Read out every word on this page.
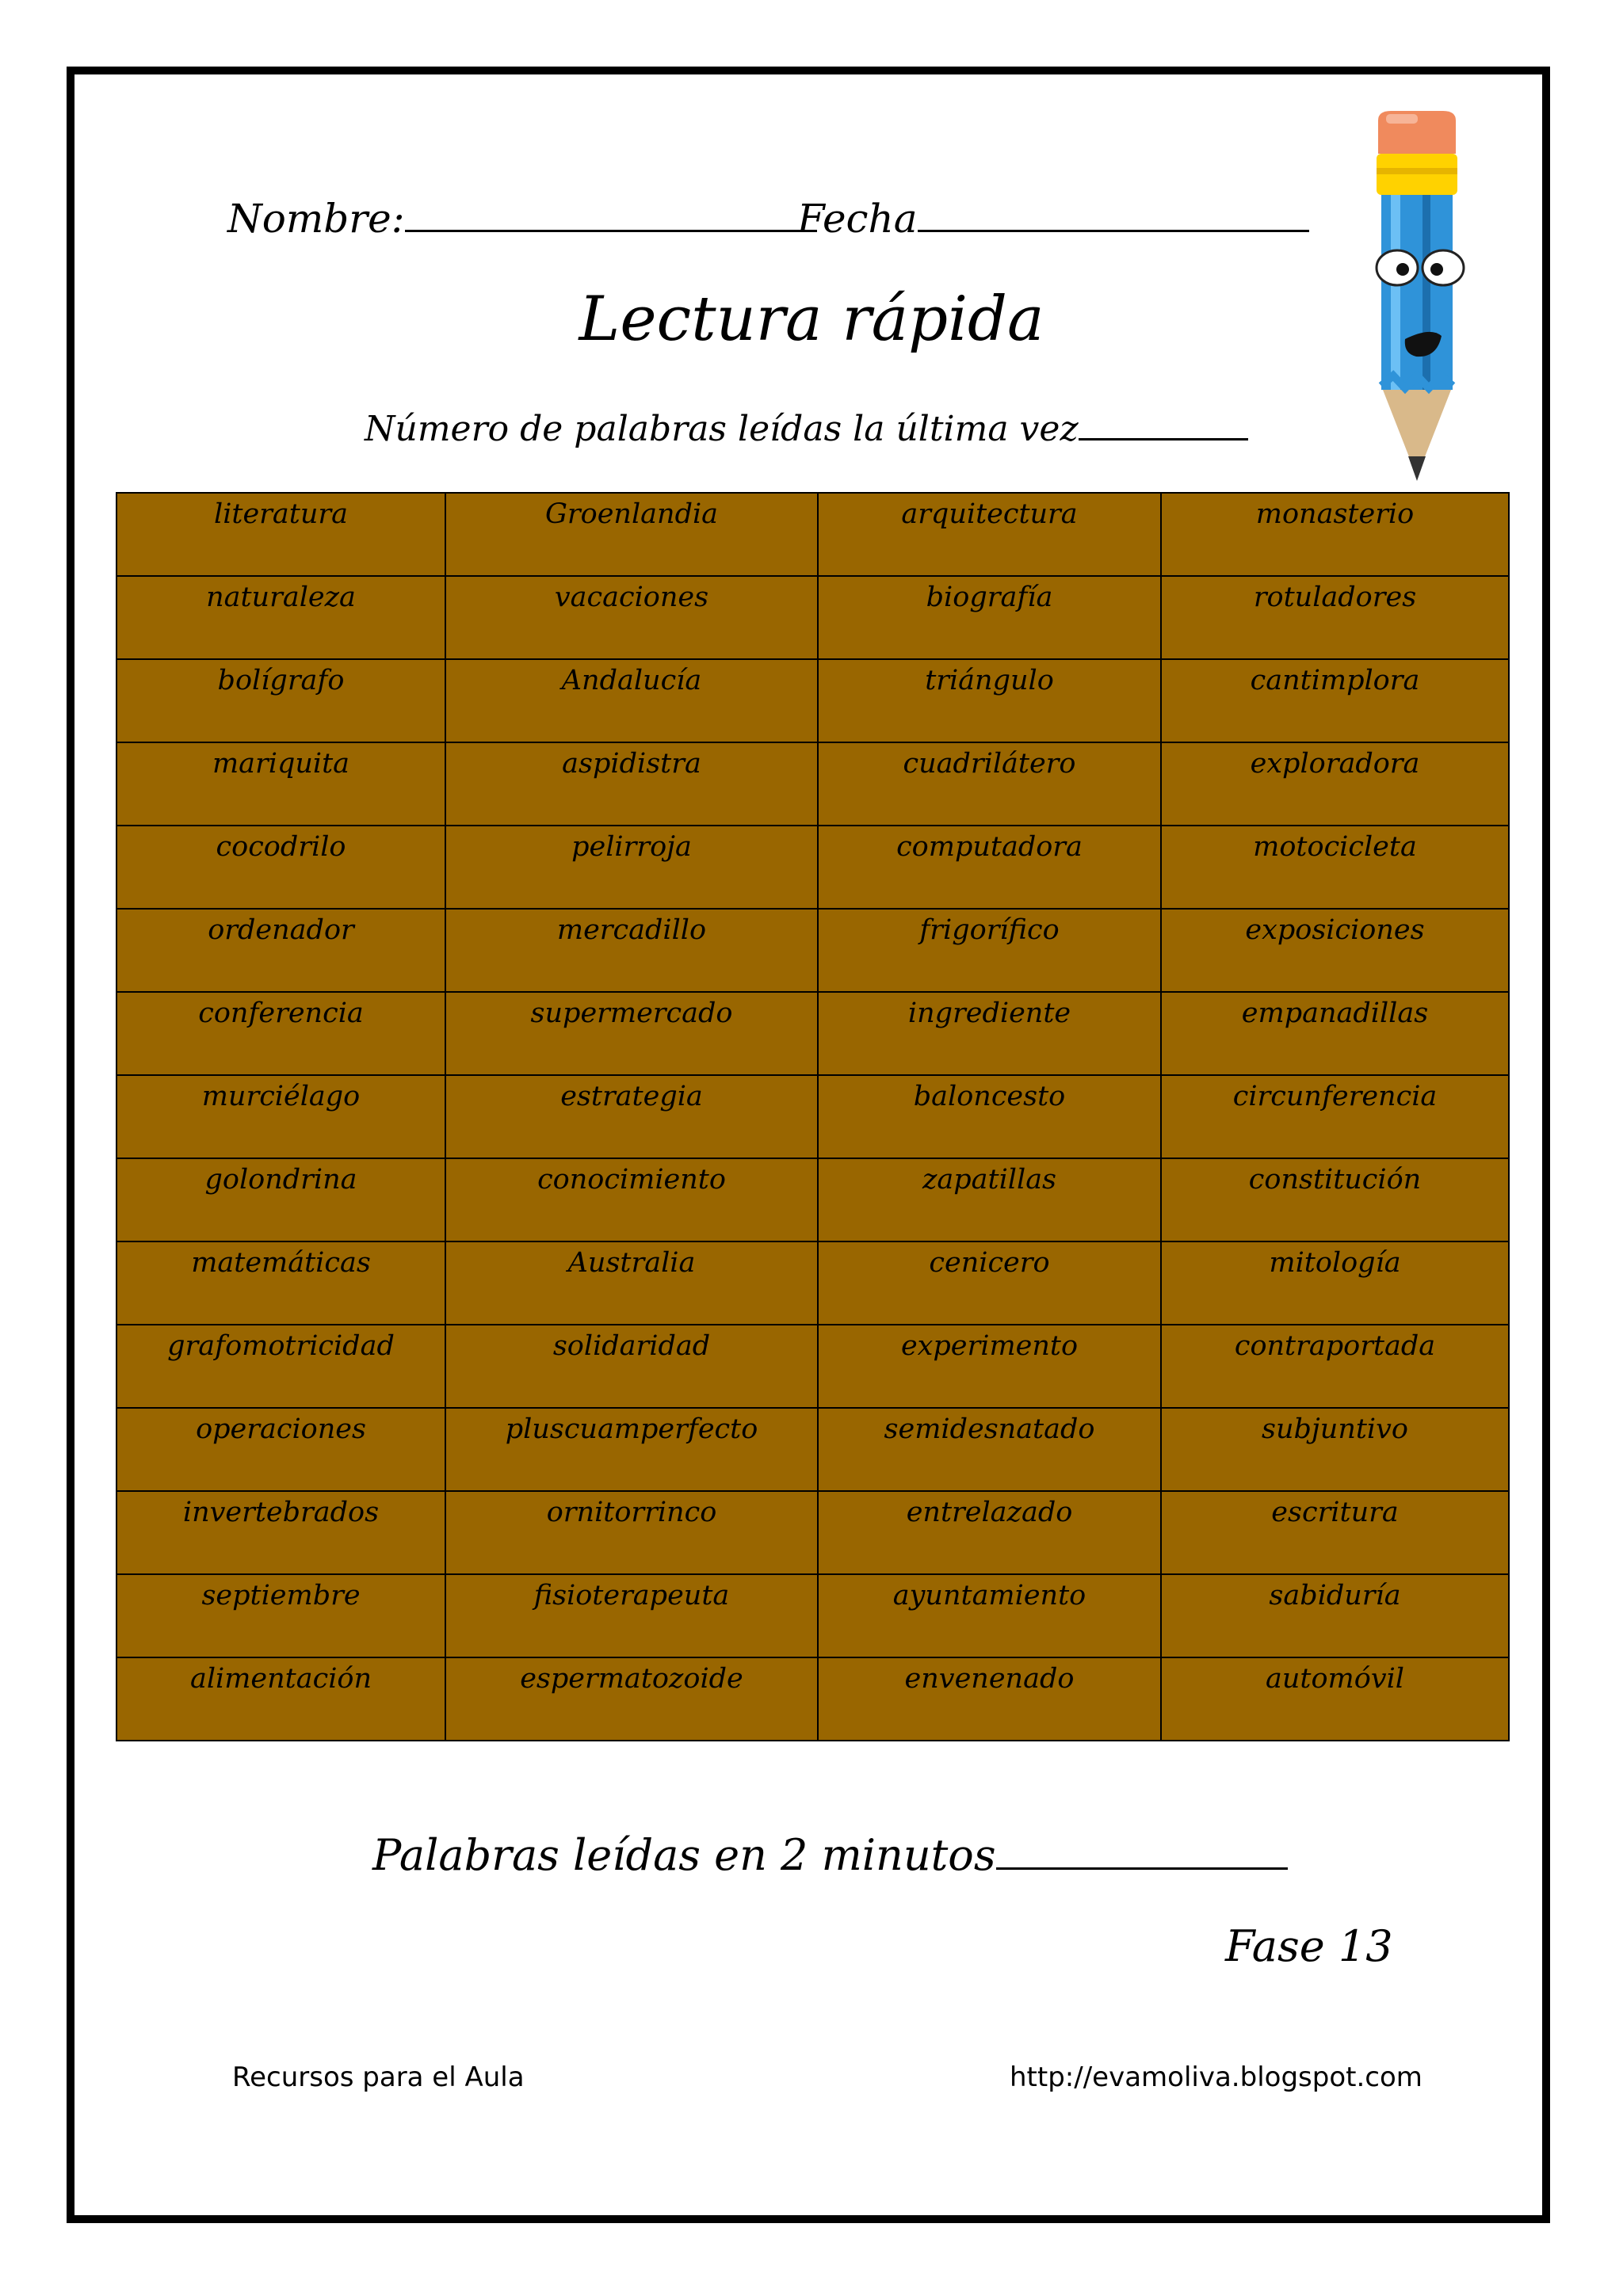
Nombre:	Fecha
Lectura rápida
Número de palabras leídas la última vez
literatura	Groenlandia	arquitectura	monasterio
naturaleza	vacaciones	biografía	rotuladores
bolígrafo	Andalucía	triángulo	cantimplora
mariquita	aspidistra	cuadrilátero	exploradora
cocodrilo	pelirroja	computadora	motocicleta
ordenador	mercadillo	frigorífico	exposiciones
conferencia	supermercado	ingrediente	empanadillas
murciélago	estrategia	baloncesto	circunferencia
golondrina	conocimiento	zapatillas	constitución
matemáticas	Australia	cenicero	mitología
grafomotricidad	solidaridad	experimento	contraportada
operaciones	pluscuamperfecto	semidesnatado	subjuntivo
invertebrados	ornitorrinco	entrelazado	escritura
septiembre	fisioterapeuta	ayuntamiento	sabiduría
alimentación	espermatozoide	envenenado	automóvil
Palabras leídas en 2 minutos
Fase 13
Recursos para el Aula	http://evamoliva.blogspot.com
